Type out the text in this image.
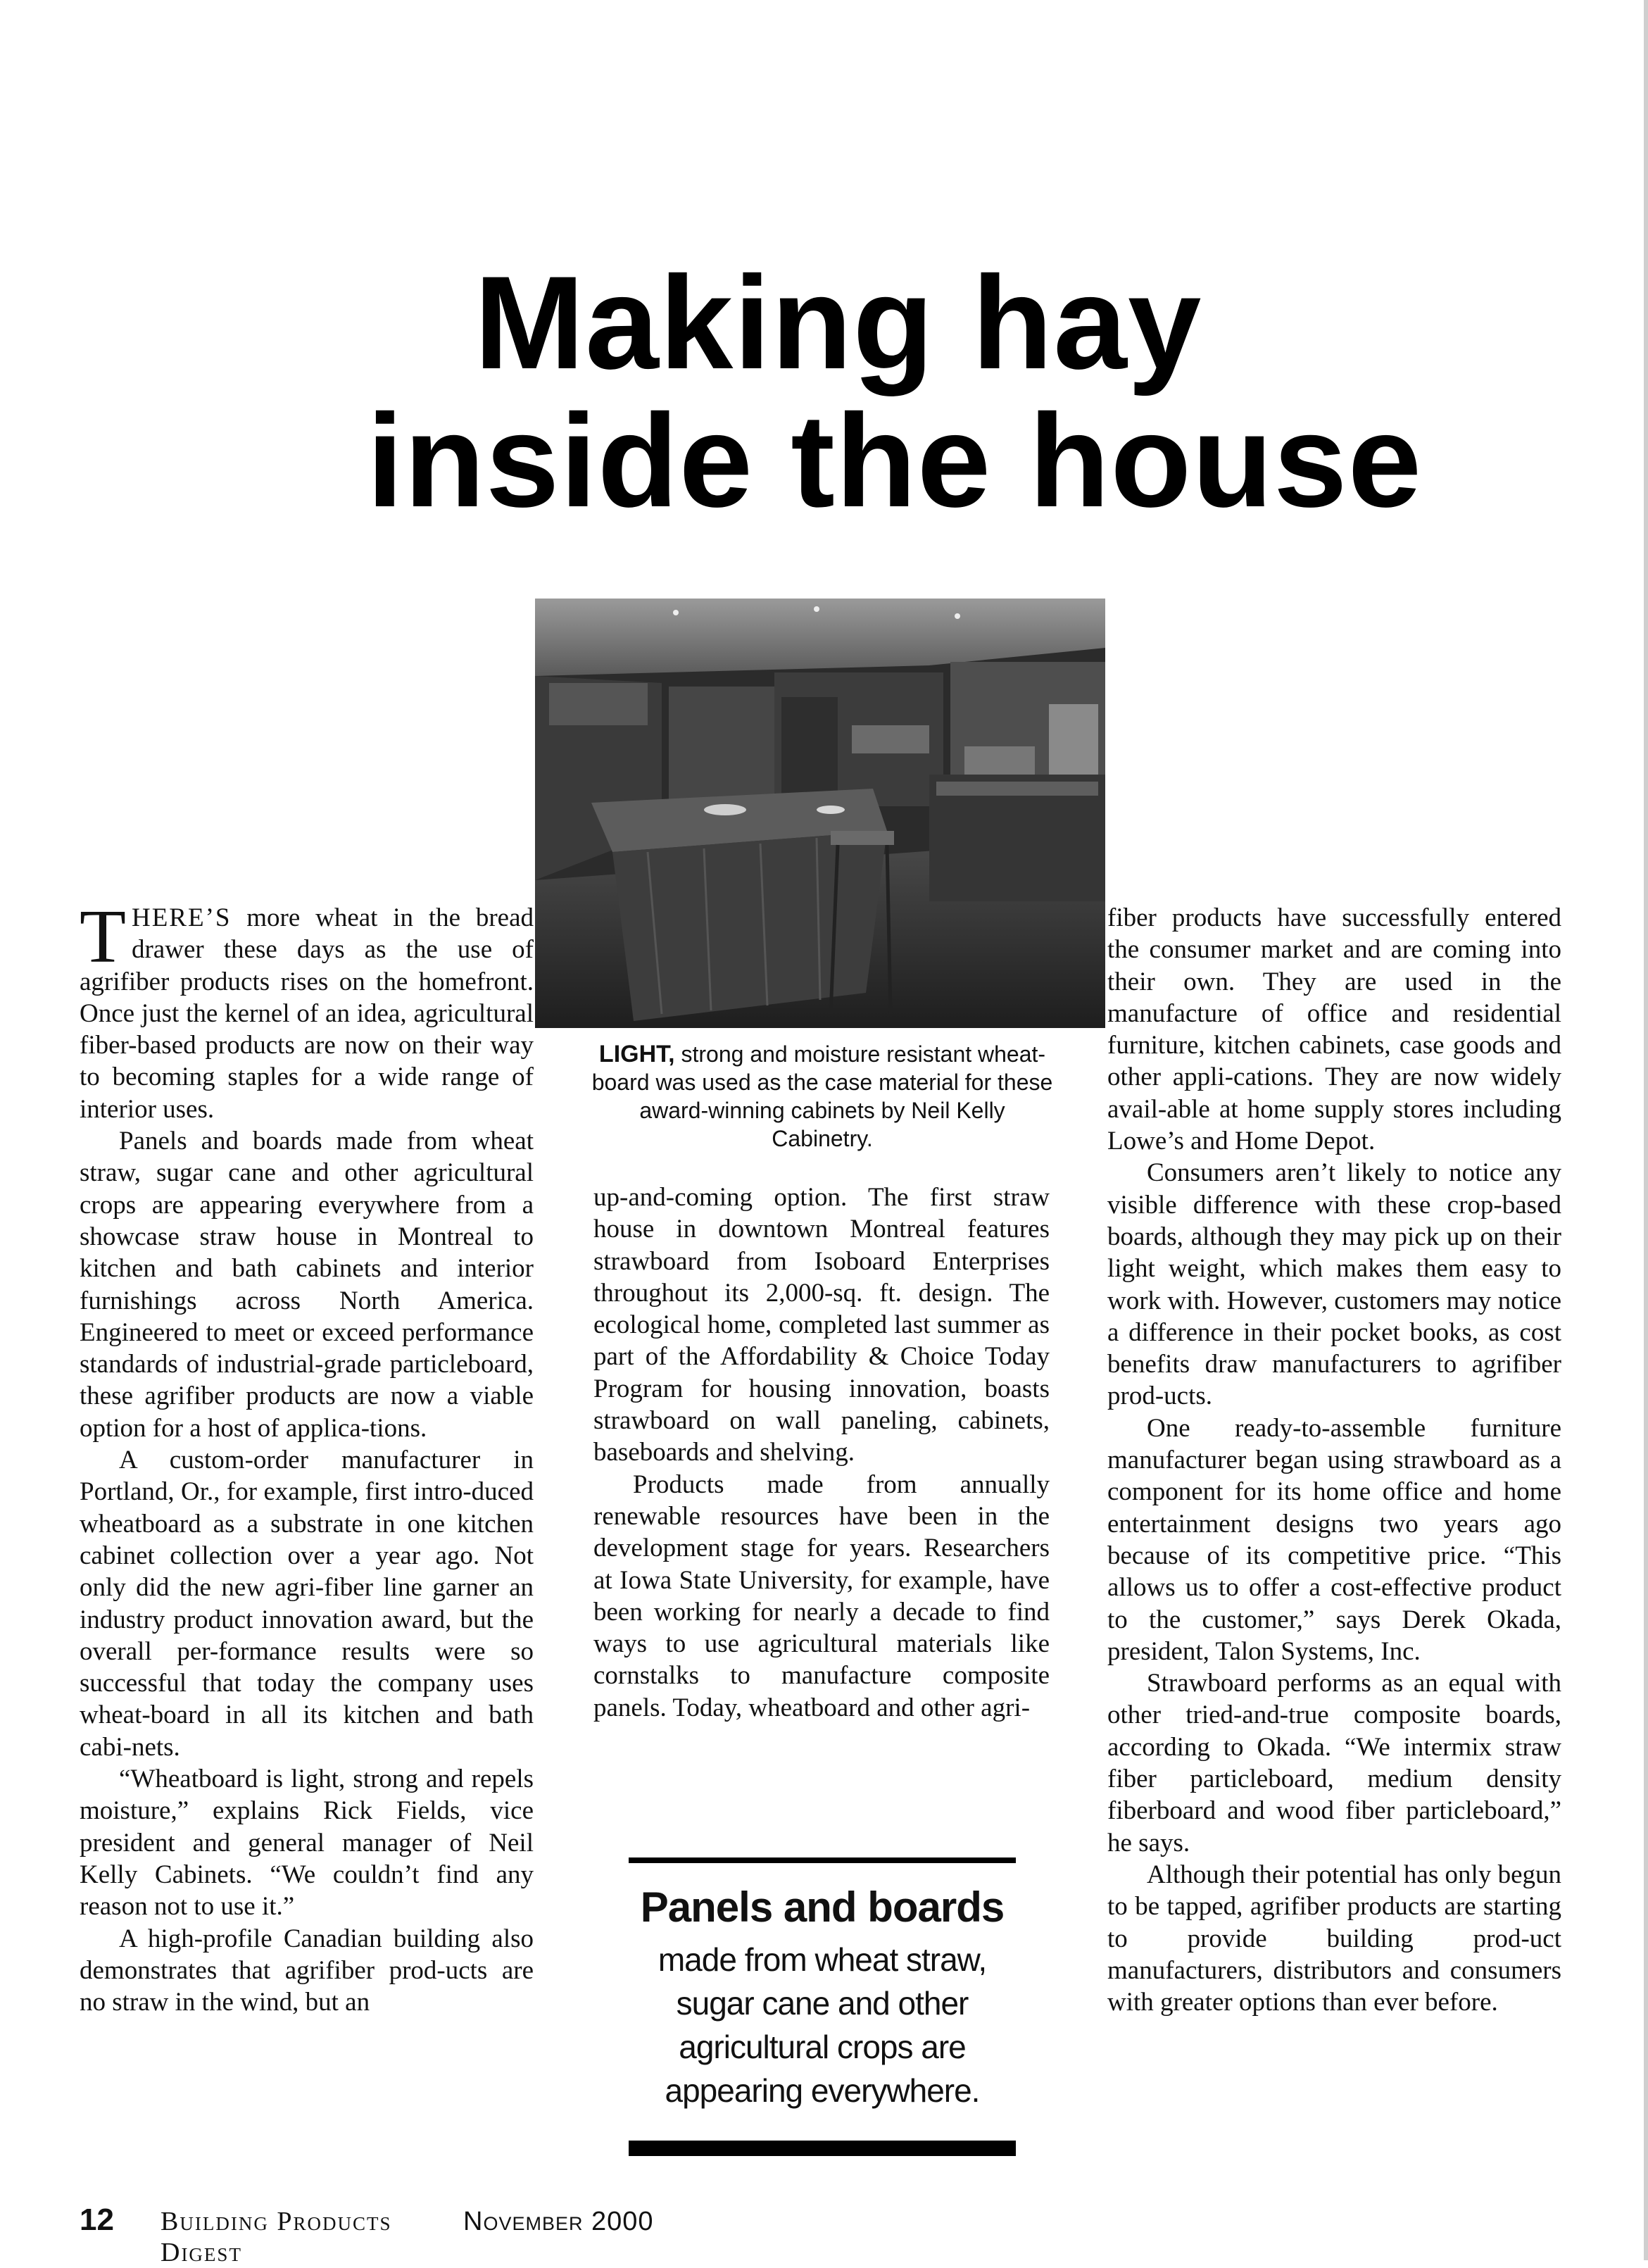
Making hay
inside the house
LIGHT, strong and moisture resistant wheat-board was used as the case material for these award-winning cabinets by Neil Kelly Cabinetry.

THERE’S more wheat in the bread drawer these days as the use of agrifiber products rises on the homefront. Once just the kernel of an idea, agricultural fiber-based products are now on their way to becoming staples for a wide range of interior uses.

Panels and boards made from wheat straw, sugar cane and other agricultural crops are appearing everywhere from a showcase straw house in Montreal to kitchen and bath cabinets and interior furnishings across North America. Engineered to meet or exceed performance standards of industrial-grade particleboard, these agrifiber products are now a viable option for a host of applica-tions.

A custom-order manufacturer in Portland, Or., for example, first intro-duced wheatboard as a substrate in one kitchen cabinet collection over a year ago. Not only did the new agri-fiber line garner an industry product innovation award, but the overall per-formance results were so successful that today the company uses wheat-board in all its kitchen and bath cabi-nets.

“Wheatboard is light, strong and repels moisture,” explains Rick Fields, vice president and general manager of Neil Kelly Cabinets. “We couldn’t find any reason not to use it.”

A high-profile Canadian building also demonstrates that agrifiber prod-ucts are no straw in the wind, but an

up-and-coming option. The first straw house in downtown Montreal features strawboard from Isoboard Enterprises throughout its 2,000-sq. ft. design. The ecological home, completed last summer as part of the Affordability & Choice Today Program for housing innovation, boasts strawboard on wall paneling, cabinets, baseboards and shelving.

Products made from annually renewable resources have been in the development stage for years. Researchers at Iowa State University, for example, have been working for nearly a decade to find ways to use agricultural materials like cornstalks to manufacture composite panels. Today, wheatboard and other agri-

fiber products have successfully entered the consumer market and are coming into their own. They are used in the manufacture of office and residential furniture, kitchen cabinets, case goods and other appli-cations. They are now widely avail-able at home supply stores including Lowe’s and Home Depot.

Consumers aren’t likely to notice any visible difference with these crop-based boards, although they may pick up on their light weight, which makes them easy to work with. However, customers may notice a difference in their pocket books, as cost benefits draw manufacturers to agrifiber prod-ucts.

One ready-to-assemble furniture manufacturer began using strawboard as a component for its home office and home entertainment designs two years ago because of its competitive price. “This allows us to offer a cost-effective product to the customer,” says Derek Okada, president, Talon Systems, Inc.

Strawboard performs as an equal with other tried-and-true composite boards, according to Okada. “We intermix straw fiber particleboard, medium density fiberboard and wood fiber particleboard,” he says.

Although their potential has only begun to be tapped, agrifiber products are starting to provide building prod-uct manufacturers, distributors and consumers with greater options than ever before.

Panels and boards
made from wheat straw, sugar cane and other agricultural crops are appearing everywhere.
12	Building Products Digest
November 2000
